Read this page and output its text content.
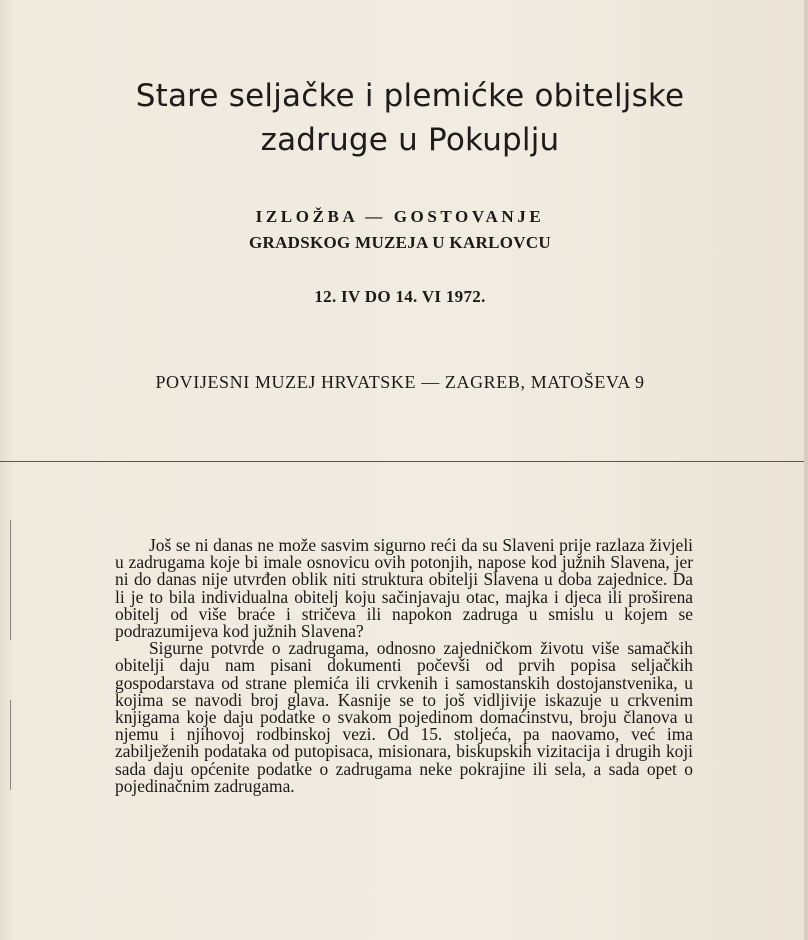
Stare seljačke i plemićke obiteljske
zadruge u Pokuplju
IZLOŽBA — GOSTOVANJE
GRADSKOG MUZEJA U KARLOVCU
12. IV DO 14. VI 1972.
POVIJESNI MUZEJ HRVATSKE — ZAGREB, MATOŠEVA 9

Još se ni danas ne može sasvim sigurno reći da su Slaveni prije razlaza živjeli u zadrugama koje bi imale osnovicu ovih potonjih, napose kod južnih Slavena, jer ni do danas nije utvrđen oblik niti struktura obitelji Slavena u doba zajednice. Da li je to bila individualna obitelj koju sačinjavaju otac, majka i djeca ili proširena obitelj od više braće i stričeva ili napokon zadruga u smislu u kojem se podrazumijeva kod južnih Slavena?

Sigurne potvrde o zadrugama, odnosno zajedničkom životu više samačkih obitelji daju nam pisani dokumenti počevši od prvih popisa seljačkih gospodarstava od strane plemića ili crvkenih i samostanskih dostojanstvenika, u kojima se navodi broj glava. Kasnije se to još vidljivije iskazuje u crkvenim knjigama koje daju podatke o svakom pojedinom domaćinstvu, broju članova u njemu i njihovoj rodbinskoj vezi. Od 15. stoljeća, pa naovamo, već ima zabilježenih podataka od putopisaca, misionara, biskupskih vizitacija i drugih koji sada daju općenite podatke o zadrugama neke pokrajine ili sela, a sada opet o pojedinačnim zadrugama.
